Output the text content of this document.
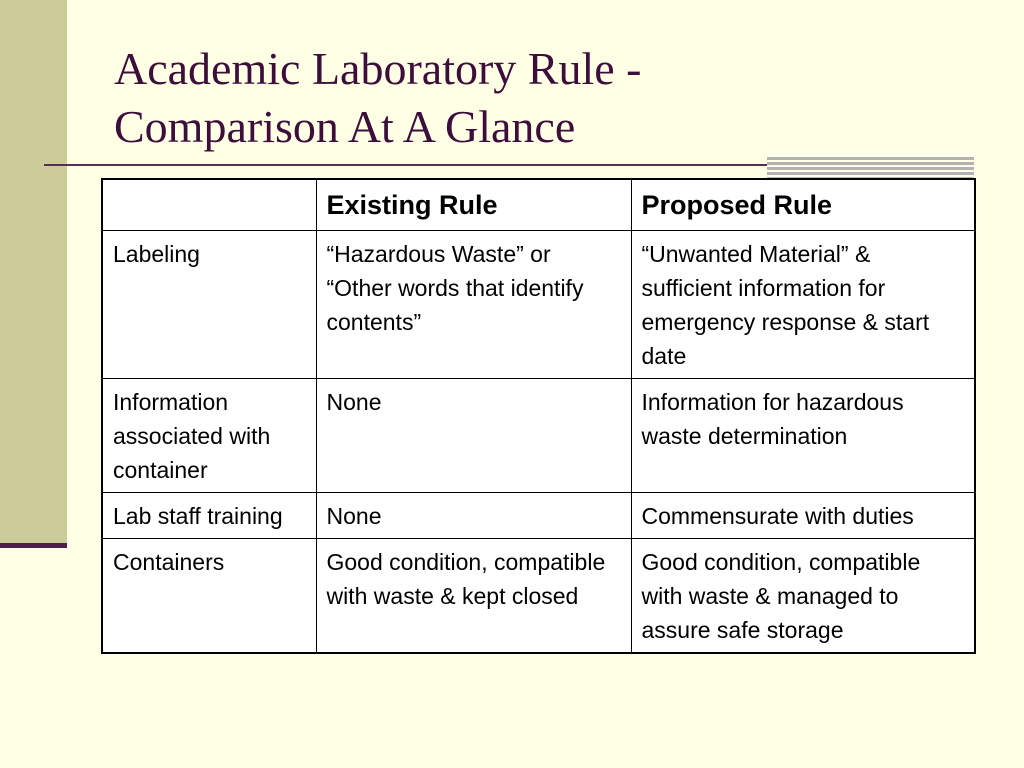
Academic Laboratory Rule -
Comparison At A Glance
	Existing Rule	Proposed Rule
Labeling	“Hazardous Waste” or “Other words that identify contents”	“Unwanted Material” & sufficient information for emergency response & start date
Information associated with container	None	Information for hazardous waste determination
Lab staff training	None	Commensurate with duties
Containers	Good condition, compatible with waste & kept closed	Good condition, compatible with waste & managed to assure safe storage
